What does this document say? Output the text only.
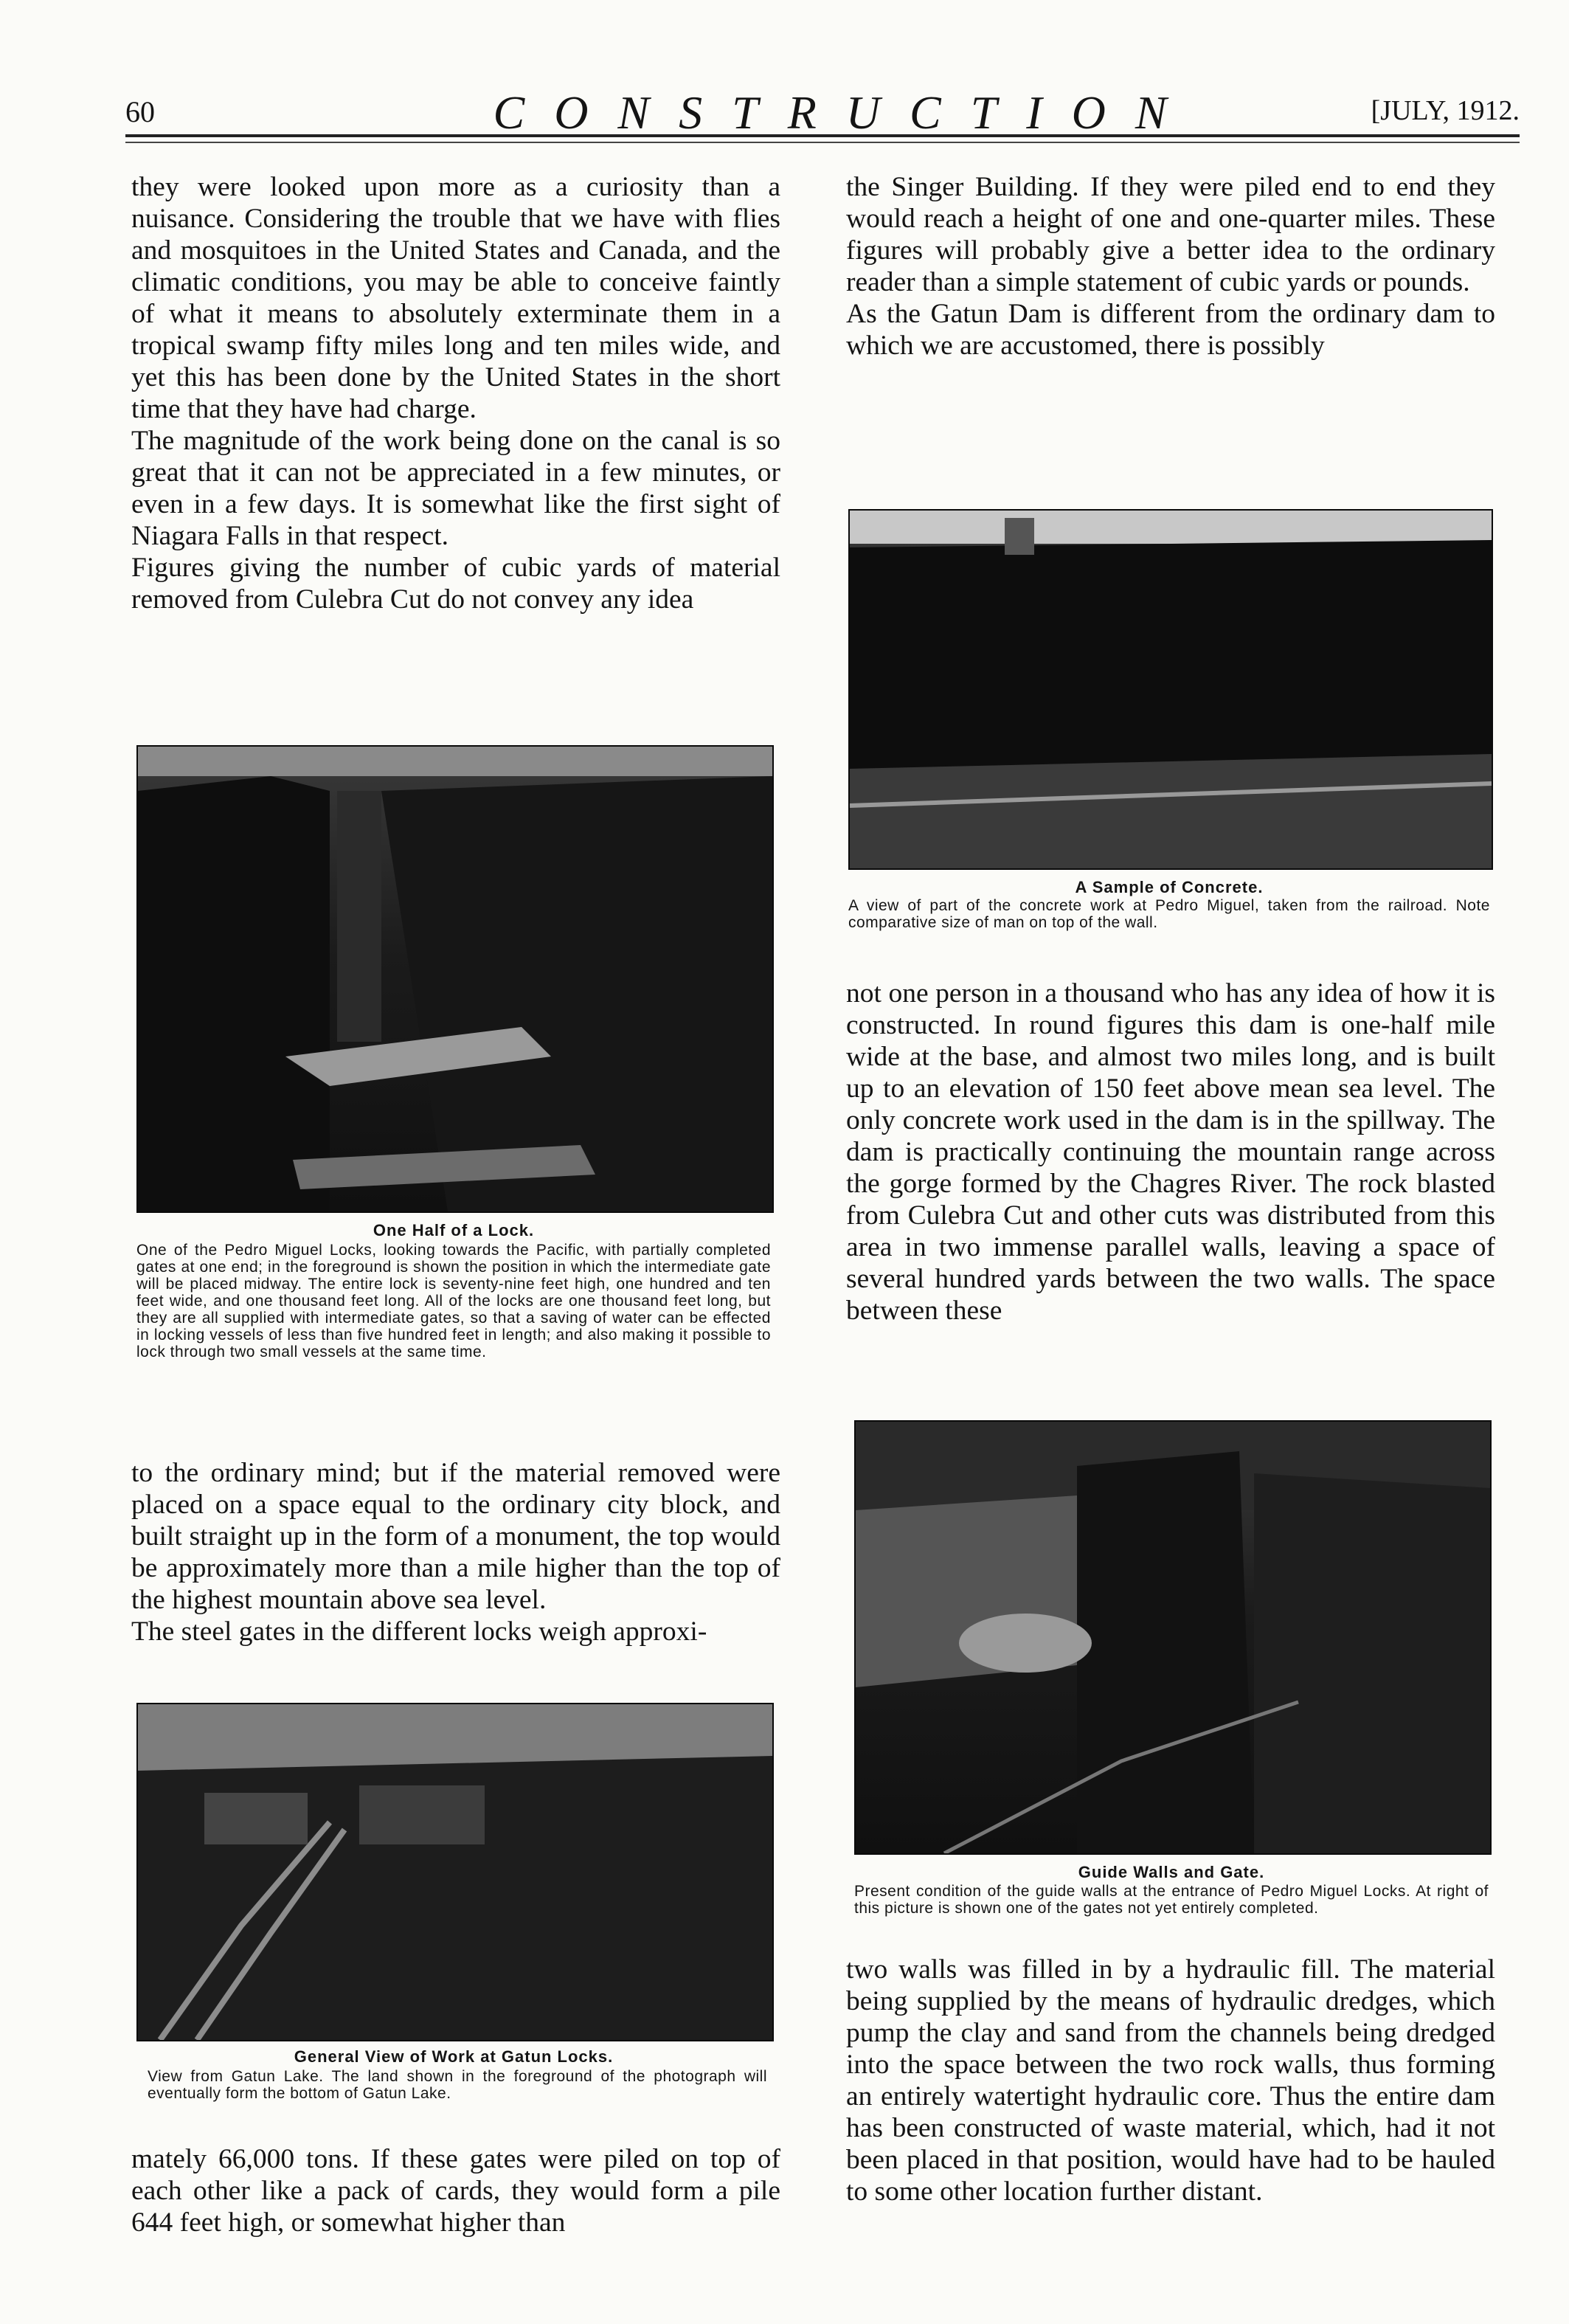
60	CONSTRUCTION	[JULY, 1912.

they were looked upon more as a curiosity than a nuisance. Considering the trouble that we have with flies and mosquitoes in the United States and Canada, and the climatic conditions, you may be able to conceive faintly of what it means to absolutely exterminate them in a tropical swamp fifty miles long and ten miles wide, and yet this has been done by the United States in the short time that they have had charge.

The magnitude of the work being done on the canal is so great that it can not be appreciated in a few minutes, or even in a few days. It is somewhat like the first sight of Niagara Falls in that respect.

Figures giving the number of cubic yards of material removed from Culebra Cut do not convey any idea

One Half of a Lock.
One of the Pedro Miguel Locks, looking towards the Pacific, with partially completed gates at one end; in the foreground is shown the position in which the intermediate gate will be placed midway. The entire lock is seventy-nine feet high, one hundred and ten feet wide, and one thousand feet long. All of the locks are one thousand feet long, but they are all supplied with intermediate gates, so that a saving of water can be effected in locking vessels of less than five hundred feet in length; and also making it possible to lock through two small vessels at the same time.

to the ordinary mind; but if the material removed were placed on a space equal to the ordinary city block, and built straight up in the form of a monument, the top would be approximately more than a mile higher than the top of the highest mountain above sea level.

The steel gates in the different locks weigh approxi-

General View of Work at Gatun Locks.
View from Gatun Lake. The land shown in the foreground of the photograph will eventually form the bottom of Gatun Lake.

mately 66,000 tons. If these gates were piled on top of each other like a pack of cards, they would form a pile 644 feet high, or somewhat higher than

the Singer Building. If they were piled end to end they would reach a height of one and one-quarter miles. These figures will probably give a better idea to the ordinary reader than a simple statement of cubic yards or pounds.

As the Gatun Dam is different from the ordinary dam to which we are accustomed, there is possibly

A Sample of Concrete.
A view of part of the concrete work at Pedro Miguel, taken from the railroad. Note comparative size of man on top of the wall.

not one person in a thousand who has any idea of how it is constructed. In round figures this dam is one-half mile wide at the base, and almost two miles long, and is built up to an elevation of 150 feet above mean sea level. The only concrete work used in the dam is in the spillway. The dam is practically continuing the mountain range across the gorge formed by the Chagres River. The rock blasted from Culebra Cut and other cuts was distributed from this area in two immense parallel walls, leaving a space of several hundred yards between the two walls. The space between these

Guide Walls and Gate.
Present condition of the guide walls at the entrance of Pedro Miguel Locks. At right of this picture is shown one of the gates not yet entirely completed.

two walls was filled in by a hydraulic fill. The material being supplied by the means of hydraulic dredges, which pump the clay and sand from the channels being dredged into the space between the two rock walls, thus forming an entirely watertight hydraulic core. Thus the entire dam has been constructed of waste material, which, had it not been placed in that position, would have had to be hauled to some other location further distant.
